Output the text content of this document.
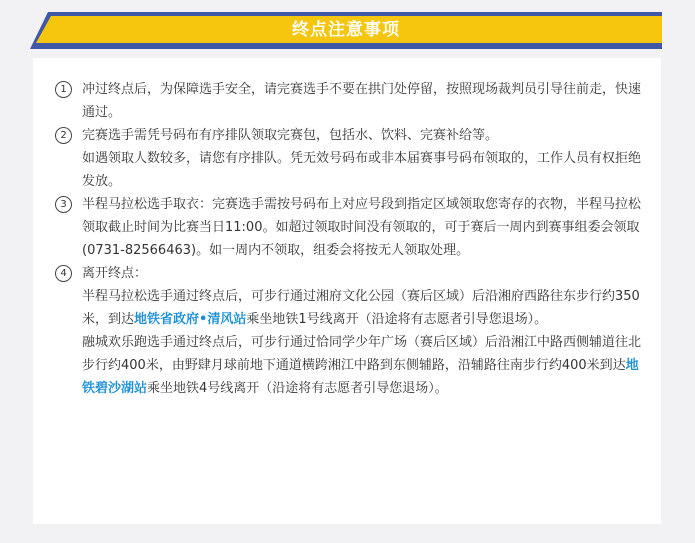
终点注意事项
1	冲过终点后，为保障选手安全，请完赛选手不要在拱门处停留，按照现场裁判员引导往前走，快速通过。

2	完赛选手需凭号码布有序排队领取完赛包，包括水、饮料、完赛补给等。

如遇领取人数较多，请您有序排队。凭无效号码布或非本届赛事号码布领取的，工作人员有权拒绝发放。

3	半程马拉松选手取衣：完赛选手需按号码布上对应号段到指定区域领取您寄存的衣物，半程马拉松领取截止时间为比赛当日11:00。如超过领取时间没有领取的，可于赛后一周内到赛事组委会领取(0731-82566463)。如一周内不领取，组委会将按无人领取处理。

4	离开终点：

半程马拉松选手通过终点后，可步行通过湘府文化公园（赛后区域）后沿湘府西路往东步行约350米，到达地铁省政府•清风站乘坐地铁1号线离开（沿途将有志愿者引导您退场）。

融城欢乐跑选手通过终点后，可步行通过恰同学少年广场（赛后区域）后沿湘江中路西侧辅道往北步行约400米，由野肆月球前地下通道横跨湘江中路到东侧辅路，沿辅路往南步行约400米到达地铁碧沙湖站乘坐地铁4号线离开（沿途将有志愿者引导您退场）。
